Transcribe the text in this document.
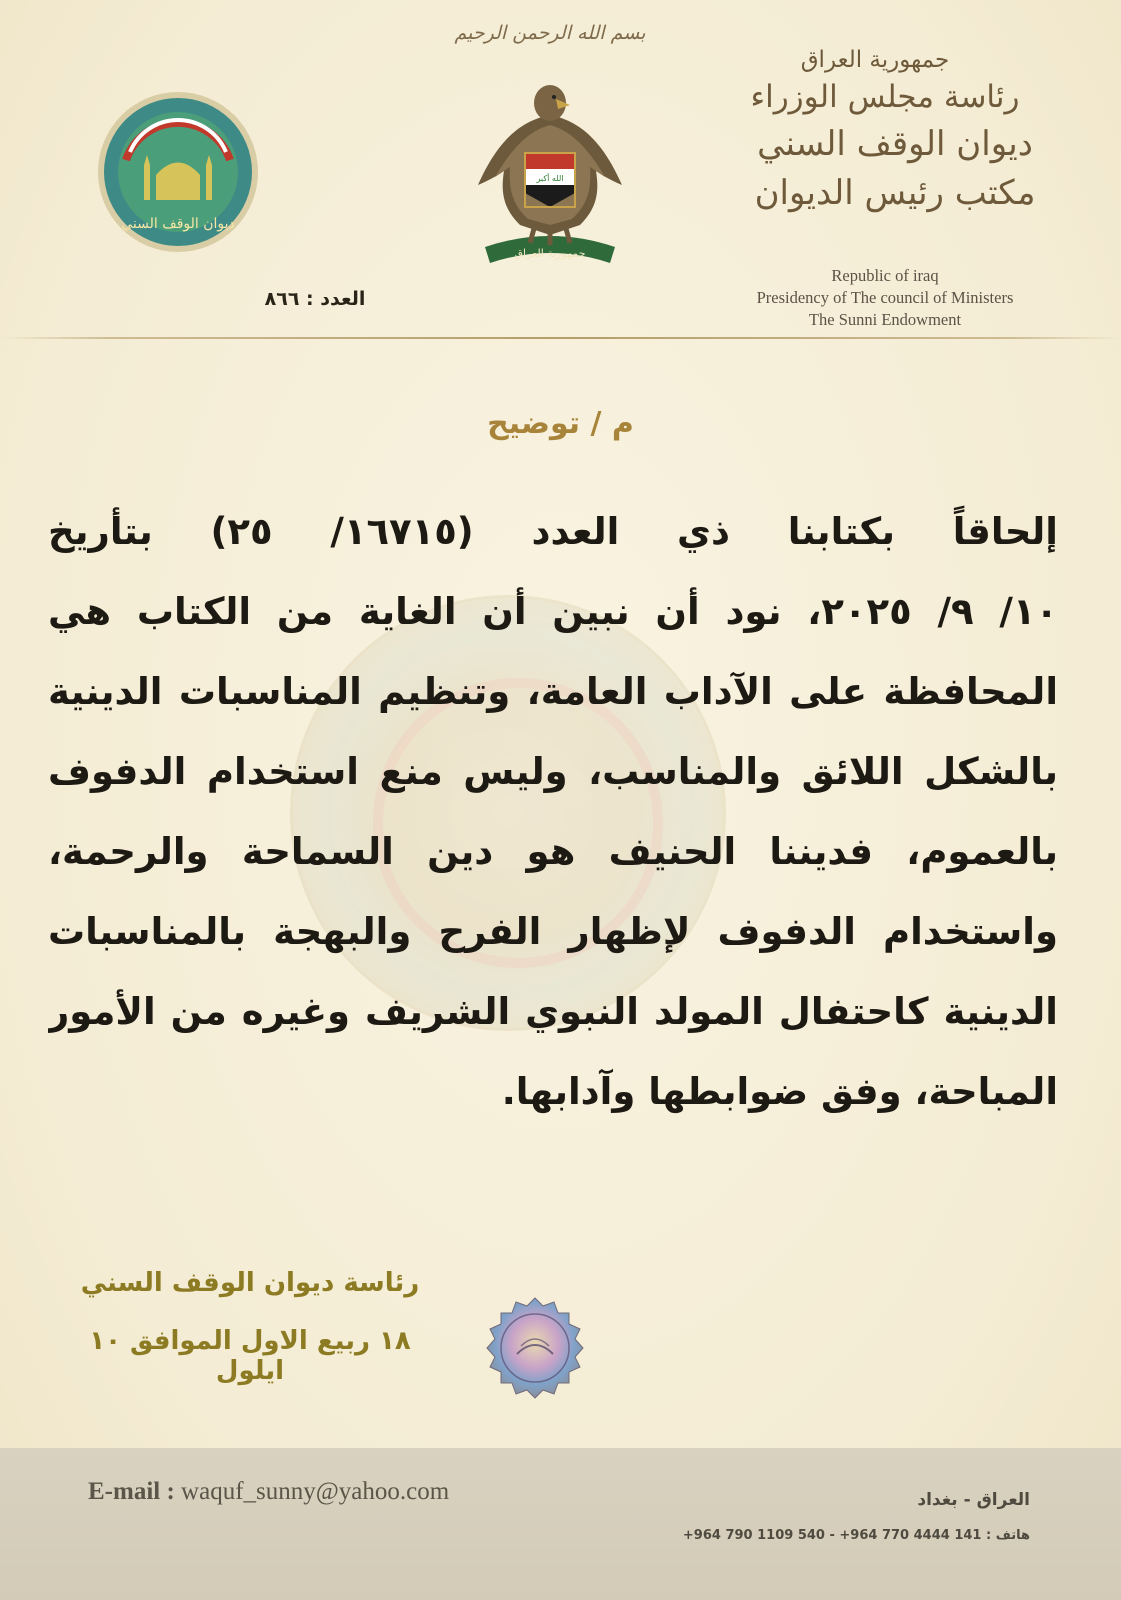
بسم الله الرحمن الرحيم
الله أكبر
جمهورية العراق
ديوان الوقف السني
جمهورية العراق
رئاسة مجلس الوزراء
ديوان الوقف السني
مكتب رئيس الديوان
Republic of iraq
Presidency of The council of Ministers
The Sunni Endowment
العدد : ٨٦٦
م / توضيح
إلحاقاً بكتابنا ذي العدد (١٦٧١٥/ ٢٥) بتأريخ
١٠/ ٩/ ٢٠٢٥، نود أن نبين أن الغاية من الكتاب هي
المحافظة على الآداب العامة، وتنظيم المناسبات الدينية
بالشكل اللائق والمناسب، وليس منع استخدام الدفوف
بالعموم، فديننا الحنيف هو دين السماحة والرحمة،
واستخدام الدفوف لإظهار الفرح والبهجة بالمناسبات
الدينية كاحتفال المولد النبوي الشريف وغيره من الأمور
المباحة، وفق ضوابطها وآدابها.
رئاسة ديوان الوقف السني
١٨ ربيع الاول الموافق ١٠ ايلول
E-mail : waquf_sunny@yahoo.com	العراق - بغداد
هاتف : +964 790 1109 540 - +964 770 4444 141
